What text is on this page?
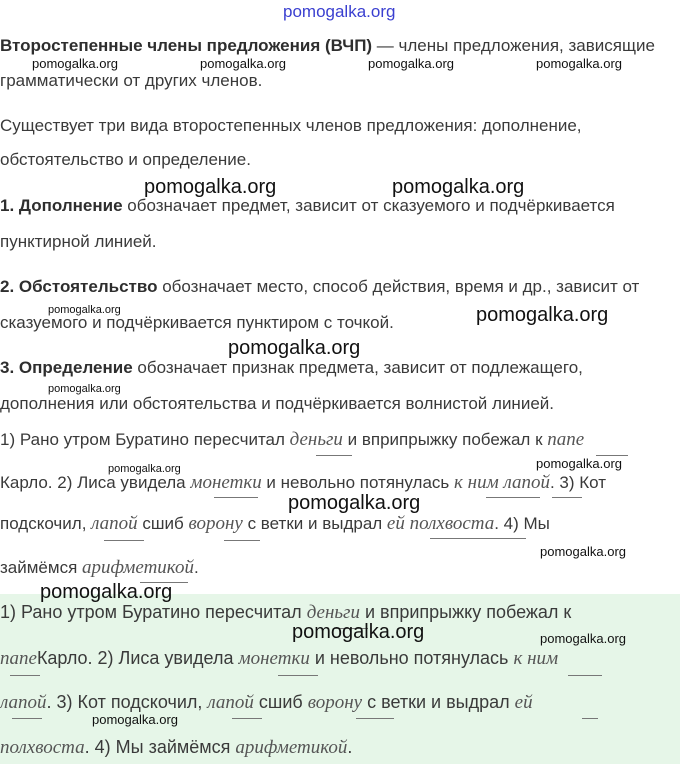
pomogalka.org
Второстепенные члены предложения (ВЧП) — члены предложения, зависящие
грамматически от других членов.
Существует три вида второстепенных членов предложения: дополнение,
обстоятельство и определение.
1. Дополнение обозначает предмет, зависит от сказуемого и подчёркивается
пунктирной линией.
2. Обстоятельство обозначает место, способ действия, время и др., зависит от
сказуемого и подчёркивается пунктиром с точкой.
3. Определение обозначает признак предмета, зависит от подлежащего,
дополнения или обстоятельства и подчёркивается волнистой линией.
1) Рано утром Буратино пересчитал деньги и вприпрыжку побежал к папе
Карло. 2) Лиса увидела монетки и невольно потянулась к ним лапой. 3) Кот
подскочил, лапой сшиб ворону с ветки и выдрал ей полхвоста. 4) Мы
займёмся арифметикой.
1) Рано утром Буратино пересчитал деньги и вприпрыжку побежал к
папеКарло. 2) Лиса увидела монетки и невольно потянулась к ним
лапой. 3) Кот подскочил, лапой сшиб ворону с ветки и выдрал ей
полхвоста. 4) Мы займёмся арифметикой.
pomogalka.org	pomogalka.org	pomogalka.org	pomogalka.org
pomogalka.org	pomogalka.org
pomogalka.org	pomogalka.org
pomogalka.org
pomogalka.org
pomogalka.org
pomogalka.org
pomogalka.org
pomogalka.org
pomogalka.org
pomogalka.org	pomogalka.org
pomogalka.org
